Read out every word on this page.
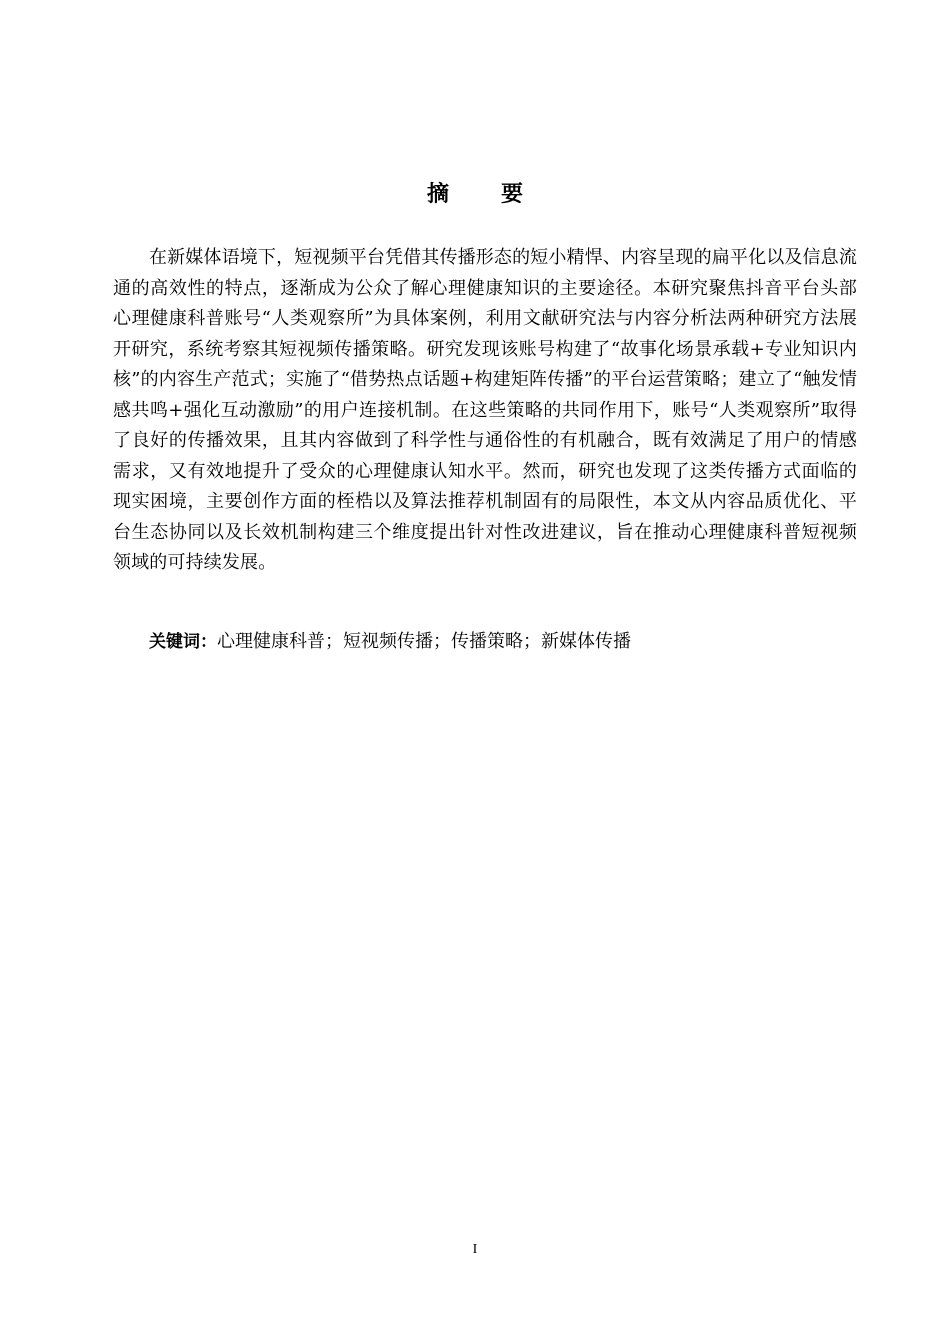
摘 要

在新媒体语境下，短视频平台凭借其传播形态的短小精悍、内容呈现的扁平化以及信息流通的高效性的特点，逐渐成为公众了解心理健康知识的主要途径。本研究聚焦抖音平台头部心理健康科普账号“人类观察所”为具体案例，利用文献研究法与内容分析法两种研究方法展开研究，系统考察其短视频传播策略。研究发现该账号构建了“故事化场景承载+专业知识内核”的内容生产范式；实施了“借势热点话题+构建矩阵传播”的平台运营策略；建立了“触发情感共鸣+强化互动激励”的用户连接机制。在这些策略的共同作用下，账号“人类观察所”取得了良好的传播效果，且其内容做到了科学性与通俗性的有机融合，既有效满足了用户的情感需求，又有效地提升了受众的心理健康认知水平。然而，研究也发现了这类传播方式面临的现实困境，主要创作方面的桎梏以及算法推荐机制固有的局限性，本文从内容品质优化、平台生态协同以及长效机制构建三个维度提出针对性改进建议，旨在推动心理健康科普短视频领域的可持续发展。

关键词：心理健康科普；短视频传播；传播策略；新媒体传播

I
